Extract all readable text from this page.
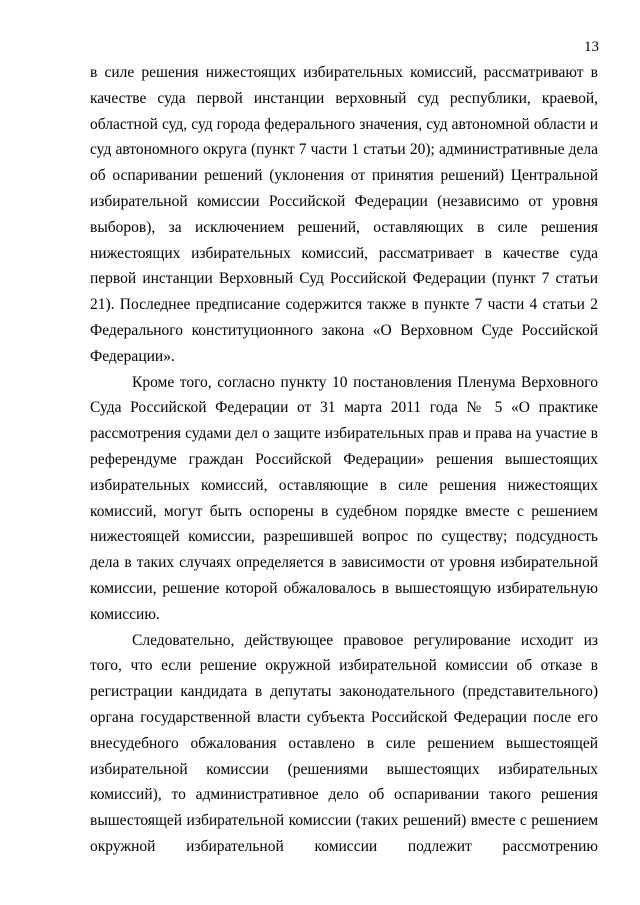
13

в силе решения нижестоящих избирательных комиссий, рассматривают в качестве суда первой инстанции верховный суд республики, краевой, областной суд, суд города федерального значения, суд автономной области и суд автономного округа (пункт 7 части 1 статьи 20); административные дела об оспаривании решений (уклонения от принятия решений) Центральной избирательной комиссии Российской Федерации (независимо от уровня выборов), за исключением решений, оставляющих в силе решения нижестоящих избирательных комиссий, рассматривает в качестве суда первой инстанции Верховный Суд Российской Федерации (пункт 7 статьи 21). Последнее предписание содержится также в пункте 7 части 4 статьи 2 Федерального конституционного закона «О Верховном Суде Российской Федерации».

Кроме того, согласно пункту 10 постановления Пленума Верховного Суда Российской Федерации от 31 марта 2011 года № 5 «О практике рассмотрения судами дел о защите избирательных прав и права на участие в референдуме граждан Российской Федерации» решения вышестоящих избирательных комиссий, оставляющие в силе решения нижестоящих комиссий, могут быть оспорены в судебном порядке вместе с решением нижестоящей комиссии, разрешившей вопрос по существу; подсудность дела в таких случаях определяется в зависимости от уровня избирательной комиссии, решение которой обжаловалось в вышестоящую избирательную комиссию.

Следовательно, действующее правовое регулирование исходит из того, что если решение окружной избирательной комиссии об отказе в регистрации кандидата в депутаты законодательного (представительного) органа государственной власти субъекта Российской Федерации после его внесудебного обжалования оставлено в силе решением вышестоящей избирательной комиссии (решениями вышестоящих избирательных комиссий), то административное дело об оспаривании такого решения вышестоящей избирательной комиссии (таких решений) вместе с решением окружной избирательной комиссии подлежит рассмотрению
